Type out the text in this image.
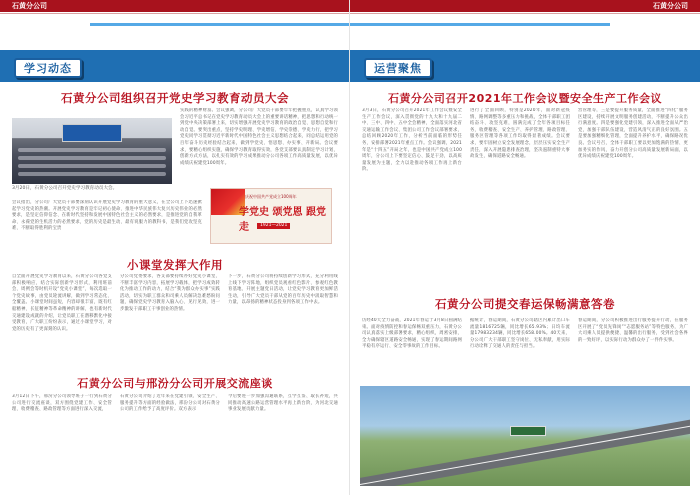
石黄分公司
学习动态
石黄分公司组织召开党史学习教育动员大会
3月20日，石黄分公司召开党史学习教育动员大会。
实践的精神财富。会议强调，分公司广大党员干部要牢牢把握重点，认真学习领会习近平总书记在党史学习教育动员大会上的重要讲话精神，把思想和行动统一到党中央决策部署上来，切实增强开展党史学习教育的政治自觉、思想自觉和行动自觉。要突出重点，坚持学史明理、学史增信、学史崇德、学史力行，把学习党史同学习贯彻习近平新时代中国特色社会主义思想结合起来，同总结运用党的百年奋斗历史经验结合起来，做到学党史、悟思想、办实事、开新局。会议要求，要精心组织实施，确保学习教育取得实效，各党支部要认真制定学习计划，创新方式方法，以扎实有效的学习成果推动分公司各项工作高质量发展，以优异成绩庆祝建党100周年。
庆祝中国共产党成立100周年
学党史 颂党恩 跟党走	1921—2021
会议指出，分公司广大党员干部要深刻认识开展党史学习教育的重大意义，在全公司上下迅速掀起学习党史的热潮。开展党史学习教育是牢记初心使命、推进中华民族伟大复兴历史伟业的必然要求，是坚定信仰信念、在新时代坚持和发展中国特色社会主义的必然要求，是推进党的自我革命、永葆党的生机活力的必然要求，党的历史是最生动、最有说服力的教科书，是我们党攻坚克难、不断取得胜利的宝贵
小课堂发挥大作用
自全面开展党史学习教育以来，石黄分公司各党支部积极响应，结合实际创新学习形式，利用班前会、周例会等时机开设“党史小课堂”，每次选取一个党史故事，由党员轮流讲解，做到学习常态化、全覆盖。小课堂时间虽短，内容却很丰富，既有红船精神、长征精神等革命精神的讲解，也有新时代交通建设成就的介绍，让党员职工在潜移默化中接受教育，广大职工纷纷表示，通过小课堂学习，对党的历史有了更深刻的认识。
分公司党委要求，各支部要持续办好党史小课堂，不断丰富学习内容，拓展学习载体，把学习成效转化为推动工作的动力，结合“我为群众办实事”实践活动，切实为职工群众和司乘人员解决急难愁盼问题，确保党史学习教育入脑入心、见行见效，进一步激发干部职工干事创业的热情。
下一步，石黄分公司将持续创新学习形式，充分利用线上线下学习阵地，组织党员观看红色影片、参观红色教育基地、开展主题党日活动，让党史学习教育更加鲜活生动，引导广大党员干部从党的百年历史中汲取智慧和力量，以昂扬的精神状态投身到各项工作中去。
石黄分公司与邢汾分公司开展交流座谈
3月12日下午，邢汾分公司领导班子一行到石黄分公司进行交流座谈，双方围绕党建工作、安全管理、收费稽查、路政管理等方面进行深入交流，
石黄分公司介绍了近年来在党建引领、安全生产、服务提升等方面的经验做法，邢汾分公司对石黄分公司的工作给予了高度评价。双方表示
今后要进一步加强沟通联系，互学互鉴、取长补短，共同推动高速公路运营管理水平再上新台阶，为河北交通事业发展贡献力量。
石黄分公司
运营聚焦
石黄分公司召开2021年工作会议暨安全生产工作会议
3月3日，石黄分公司召开2021年工作会议暨安全生产工作会议，深入贯彻党的十九大和十九届二中、三中、四中、五中全会精神，全面落实河北省交通运输工作会议、集团公司工作会议部署要求，总结回顾2020年工作，分析当前面临的形势任务，安排部署2021年重点工作。会议强调，2021年是“十四五”开局之年，也是中国共产党成立100周年，分公司上下要坚定信心、鼓足干劲，以高质量发展为主题，全力以赴推动各项工作再上新台阶。
进行了全面回顾，特别是2020年，面对新冠疫情、路网调整等多重压力和挑战，全体干部职工团结奋斗、攻坚克难，圆满完成了全年各项目标任务，收费稽查、安全生产、养护管理、路政管理、服务区管理等各项工作均取得显著成绩。会议要求，要牢固树立安全发展理念，层层压实安全生产责任，深入开展隐患排查治理，坚决遏制重特大事故发生，确保道路安全畅通。
营管理等，三是要提升服务质量，全面推进“四化”服务区建设，持续开展文明服务创建活动，不断提升公众出行满意度。四是要强化党建引领，深入推进全面从严治党，加强干部队伍建设，营造风清气正的良好氛围。五是要加强精细化管理，全面提升养护水平，确保路况优良。会议号召，全体干部职工要以更加饱满的热情、更加务实的作风，奋力开创分公司高质量发展新局面，以优异成绩庆祝建党100周年。
石黄分公司提交春运保畅满意答卷
历经40天全力奋战，2021年春运于3月8日圆满结束。面对疫情防控和春运保畅双重压力，石黄分公司认真落实上级部署要求，精心组织，周密安排，全力确保辖区道路安全畅通，实现了春运期间路网平稳有序运行、安全零事故的工作目标。
据统计，春运期间，石黄分公司辖区内累计出口车流量1816725辆，同比增长65.93%；日均车流量17983234辆，同比增长658.00%。40天来，分公司广大干部职工坚守岗位、无私奉献，用实际行动诠释了交通人的责任与担当。
春运期间，分公司积极推进出行服务提升行动，在服务区开展了“党员先锋岗”“志愿服务站”等特色服务，为广大司乘人员提供便捷、温馨的出行服务，受到社会各界的一致好评，以实际行动为群众办了一件件实事。
